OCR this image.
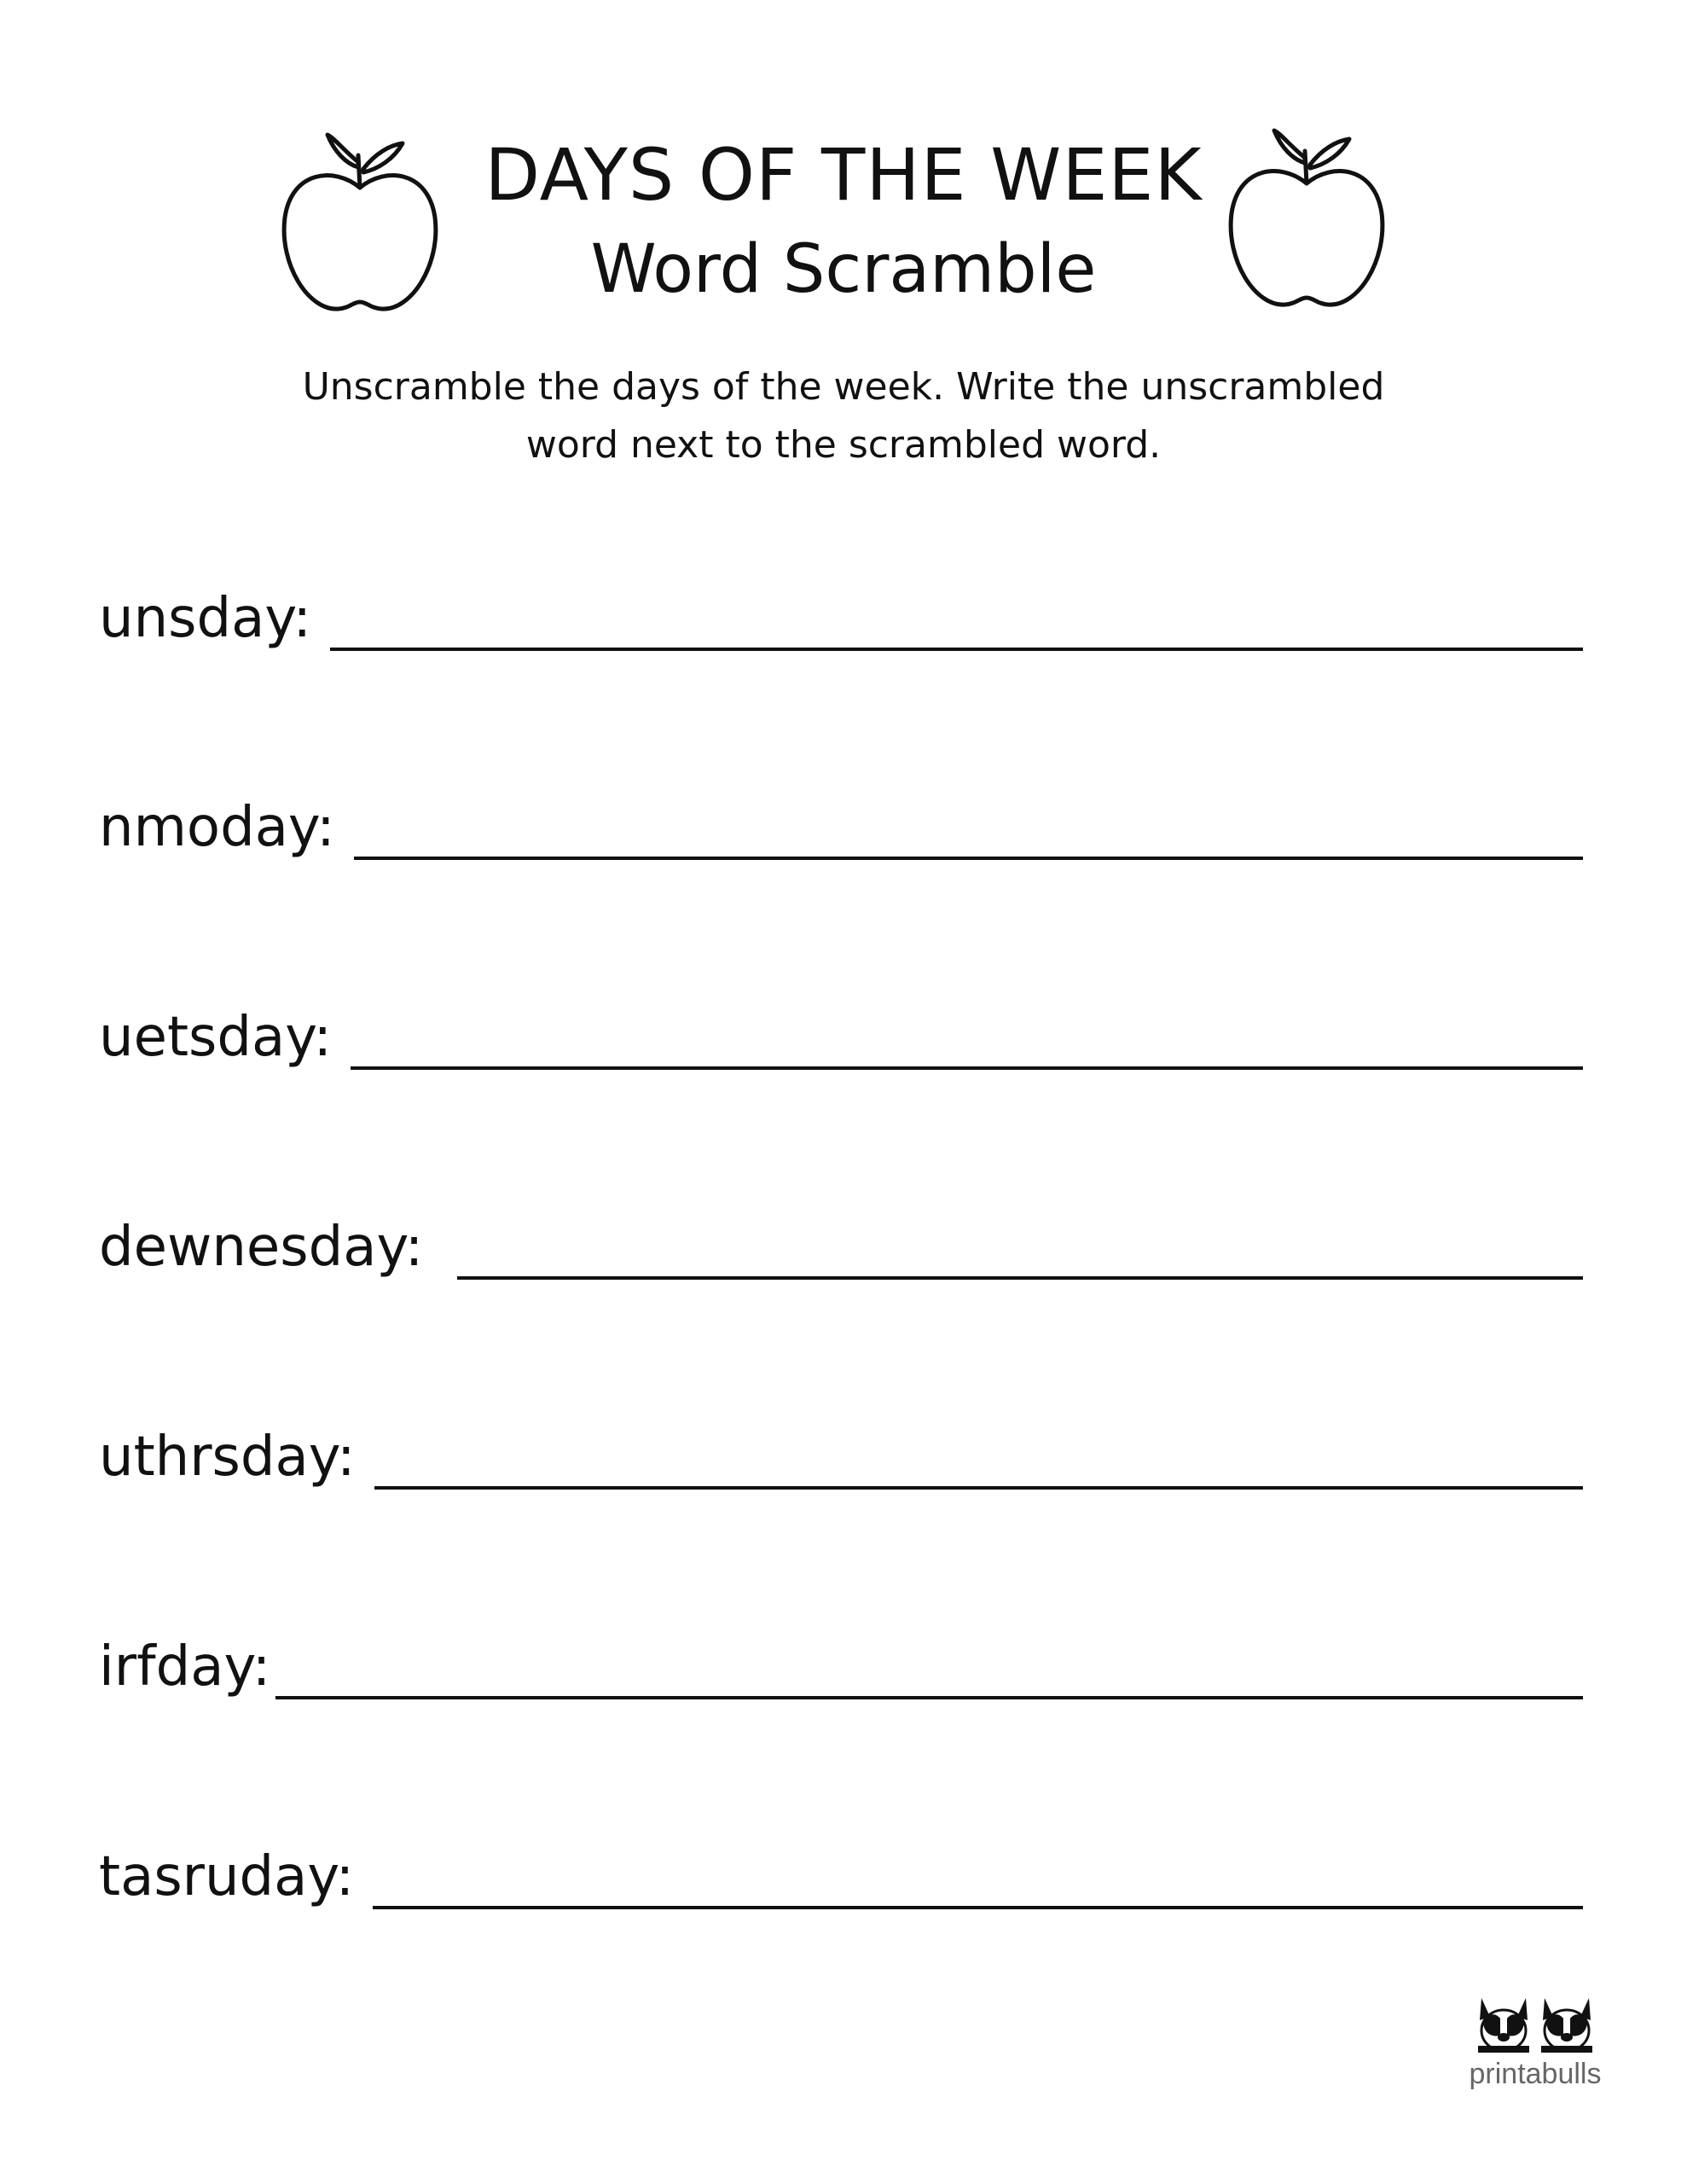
DAYS OF THE WEEK
Word Scramble
Unscramble the days of the week. Write the unscrambled
word next to the scrambled word.
unsday:
nmoday:
uetsday:
dewnesday:
uthrsday:
irfday:
tasruday:
printabulls
